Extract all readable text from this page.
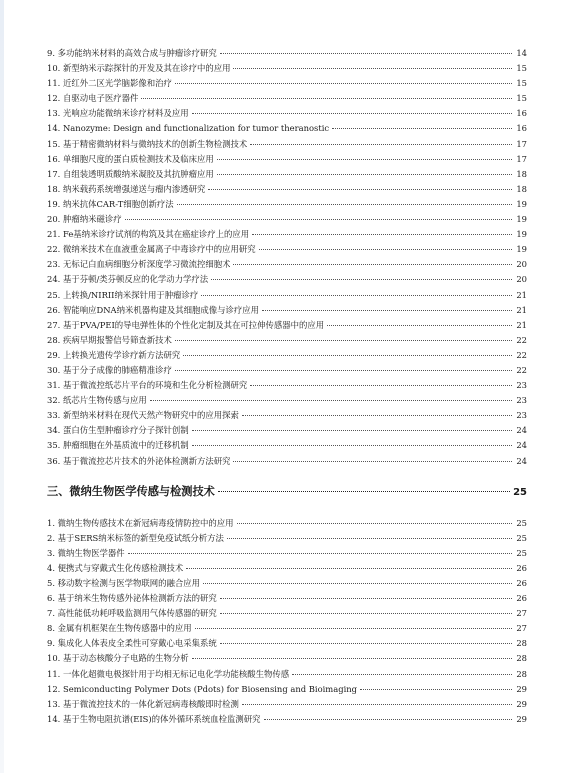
9. 多功能纳米材料的高效合成与肿瘤诊疗研究	14
10. 新型纳米示踪探针的开发及其在诊疗中的应用	15
11. 近红外二区光学脑影像和治疗	15
12. 自驱动电子医疗器件	15
13. 光响应功能微纳米诊疗材料及应用	16
14. Nanozyme: Design and functionalization for tumor theranostic	16
15. 基于精密微纳材料与微纳技术的创新生物检测技术	17
16. 单细胞尺度的蛋白质检测技术及临床应用	17
17. 自组装透明质酸纳米凝胶及其抗肿瘤应用	18
18. 纳米载药系统增强递送与瘤内渗透研究	18
19. 纳米抗体CAR-T细胞创新疗法	19
20. 肿瘤纳米磁诊疗	19
21. Fe基纳米诊疗试剂的构筑及其在癌症诊疗上的应用	19
22. 微纳米技术在血液重金属离子中毒诊疗中的应用研究	19
23. 无标记白血病细胞分析深度学习微流控细胞术	20
24. 基于芬顿/类芬顿反应的化学动力学疗法	20
25. 上转换/NIRII纳米探针用于肿瘤诊疗	21
26. 智能响应DNA纳米机器构建及其细胞成像与诊疗应用	21
27. 基于PVA/PEI的导电弹性体的个性化定制及其在可拉伸传感器中的应用	21
28. 疾病早期报警信号筛查新技术	22
29. 上转换光遗传学诊疗新方法研究	22
30. 基于分子成像的肺癌精准诊疗	22
31. 基于微流控纸芯片平台的环境和生化分析检测研究	23
32. 纸芯片生物传感与应用	23
33. 新型纳米材料在现代天然产物研究中的应用探索	23
34. 蛋白仿生型肿瘤诊疗分子探针创制	24
35. 肿瘤细胞在外基质流中的迁移机制	24
36. 基于微流控芯片技术的外泌体检测新方法研究	24
三、微纳生物医学传感与检测技术	25
1. 微纳生物传感技术在新冠病毒疫情防控中的应用	25
2. 基于SERS纳米标签的新型免疫试纸分析方法	25
3. 微纳生物医学器件	25
4. 便携式与穿戴式生化传感检测技术	26
5. 移动数字检测与医学物联网的融合应用	26
6. 基于纳米生物传感外泌体检测新方法的研究	26
7. 高性能低功耗呼吸监测用气体传感器的研究	27
8. 金属有机框架在生物传感器中的应用	27
9. 集成化人体表皮全柔性可穿戴心电采集系统	28
10. 基于动态核酸分子电路的生物分析	28
11. 一体化超微电极探针用于均相无标记电化学功能核酸生物传感	28
12. Semiconducting Polymer Dots (Pdots) for Biosensing and Bioimaging	29
13. 基于微流控技术的一体化新冠病毒核酸即时检测	29
14. 基于生物电阻抗谱(EIS)的体外循环系统血栓监测研究	29
